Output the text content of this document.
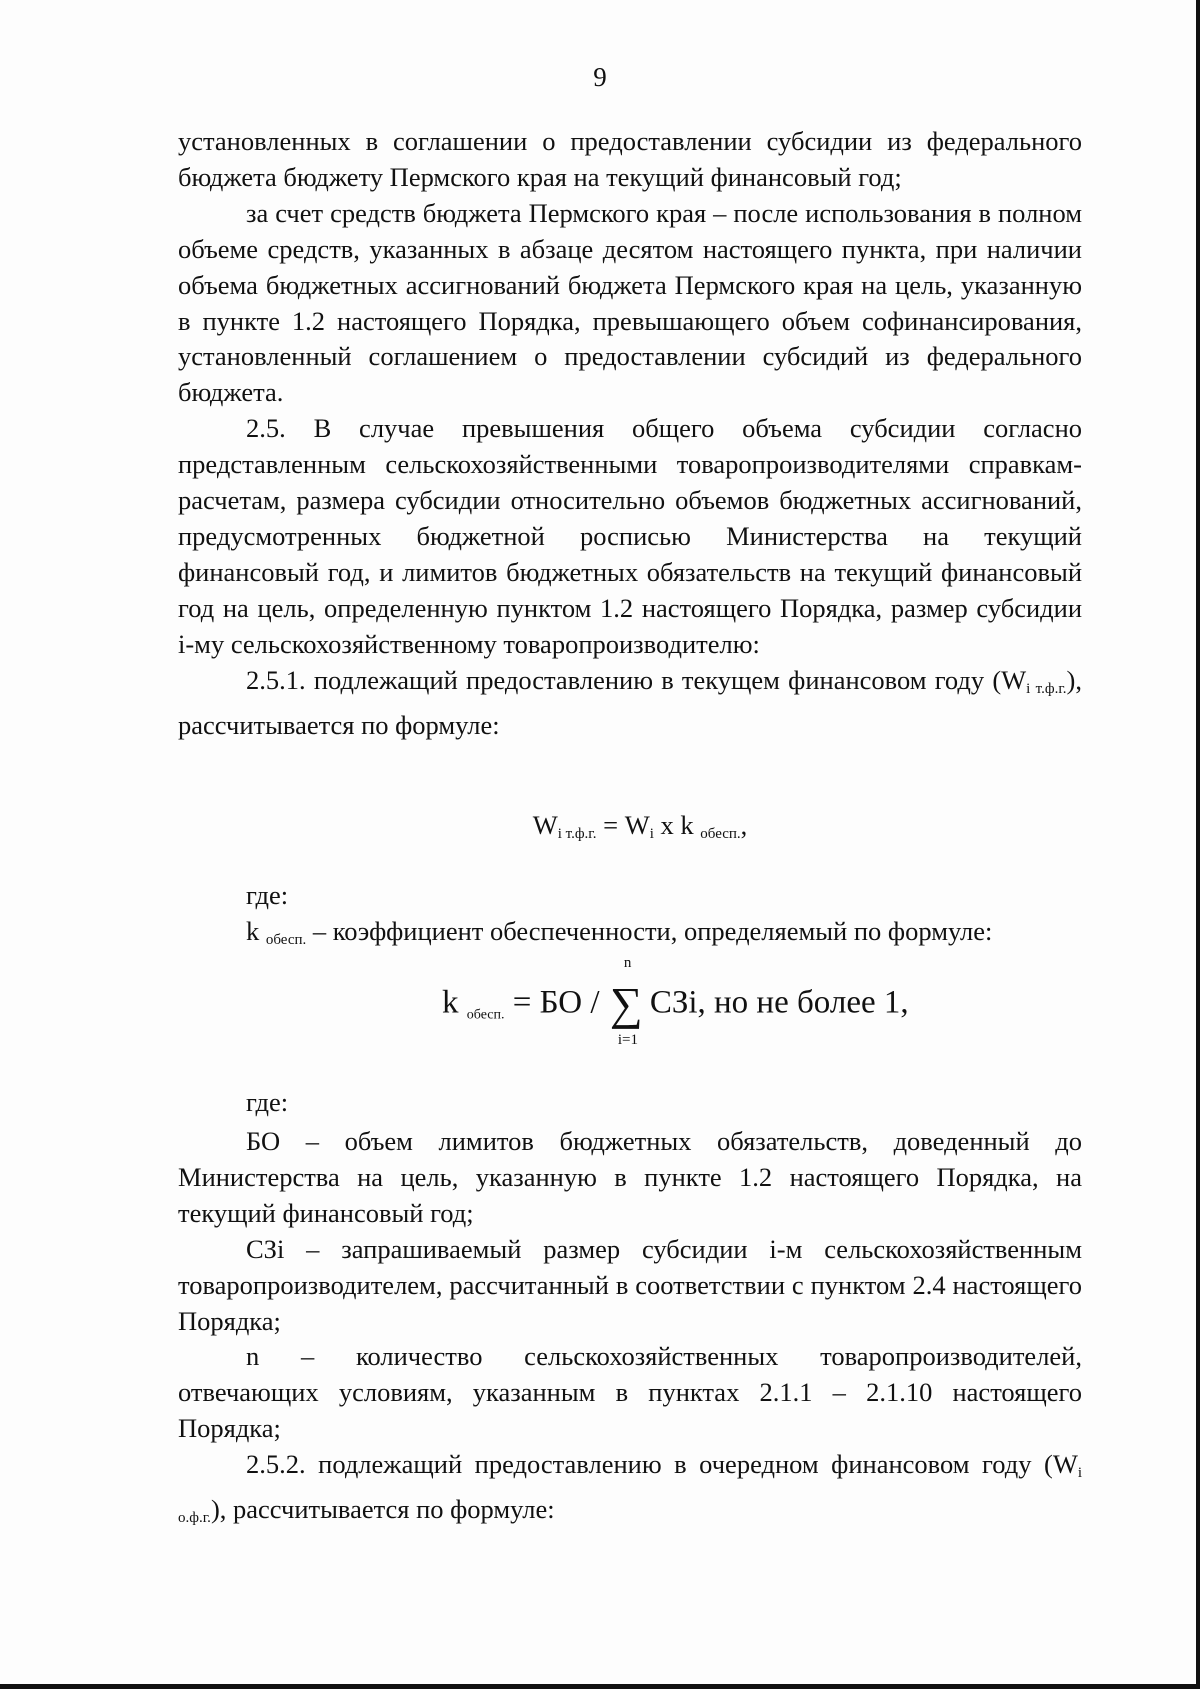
9

установленных в соглашении о предоставлении субсидии из федерального бюджета бюджету Пермского края на текущий финансовый год;

за счет средств бюджета Пермского края – после использования в полном объеме средств, указанных в абзаце десятом настоящего пункта, при наличии объема бюджетных ассигнований бюджета Пермского края на цель, указанную в пункте 1.2 настоящего Порядка, превышающего объем софинансирования, установленный соглашением о предоставлении субсидий из федерального бюджета.

2.5. В случае превышения общего объема субсидии согласно представленным сельскохозяйственными товаропроизводителями справкам-расчетам, размера субсидии относительно объемов бюджетных ассигнований, предусмотренных бюджетной росписью Министерства на текущий финансовый год, и лимитов бюджетных обязательств на текущий финансовый год на цель, определенную пунктом 1.2 настоящего Порядка, размер субсидии i-му сельскохозяйственному товаропроизводителю:

2.5.1. подлежащий предоставлению в текущем финансовом году $(W_{i т.ф.г.})$, рассчитывается по формуле:

$W_{i т.ф.г.} = W_i$ x k $_{обесп.}$,
где:
k $_{обесп.}$ – коэффициент обеспеченности, определяемый по формуле:
k обесп. = БО /
n
∑
i=1
СЗi, но не более 1,
где:

БО – объем лимитов бюджетных обязательств, доведенный до Министерства на цель, указанную в пункте 1.2 настоящего Порядка, на текущий финансовый год;

СЗi – запрашиваемый размер субсидии i-м сельскохозяйственным товаропроизводителем, рассчитанный в соответствии с пунктом 2.4 настоящего Порядка;

n – количество сельскохозяйственных товаропроизводителей, отвечающих условиям, указанным в пунктах 2.1.1 – 2.1.10 настоящего Порядка;

2.5.2. подлежащий предоставлению в очередном финансовом году $(W_{i о.ф.г.})$, рассчитывается по формуле:
